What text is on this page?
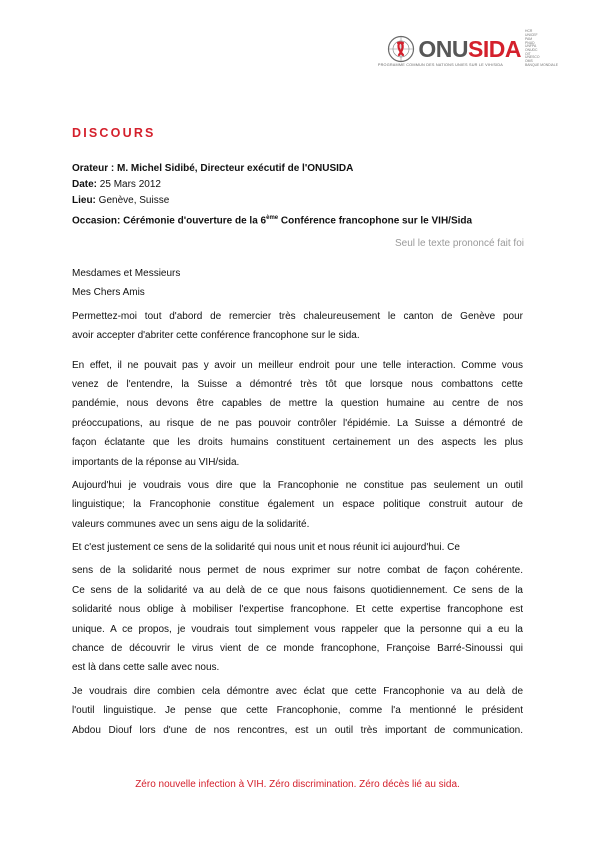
ONUSIDA
HCR
UNICEF
PAM
PNUD
UNFPA
ONUDC
OIT
UNESCO
OMS
BANQUE MONDIALE
PROGRAMME COMMUN DES NATIONS UNIES SUR LE VIH/SIDA
DISCOURS
Orateur : M. Michel Sidibé, Directeur exécutif de l'ONUSIDA
Date: 25 Mars 2012
Lieu: Genève, Suisse
Occasion: Cérémonie d'ouverture de la 6ème Conférence francophone sur le VIH/Sida
Seul le texte prononcé fait foi
Mesdames et Messieurs
Mes Chers Amis
Permettez-moi tout d'abord de remercier très chaleureusement le canton de Genève pour
avoir accepter d'abriter cette conférence francophone sur le sida.
En effet, il ne pouvait pas y avoir un meilleur endroit pour une telle interaction. Comme vous
venez de l'entendre, la Suisse a démontré très tôt que lorsque nous combattons cette
pandémie, nous devons être capables de mettre la question humaine au centre de nos
préoccupations, au risque de ne pas pouvoir contrôler l'épidémie. La Suisse a démontré de
façon éclatante que les droits humains constituent certainement un des aspects les plus
importants de la réponse au VIH/sida.
Aujourd'hui je voudrais vous dire que la Francophonie ne constitue pas seulement un outil
linguistique; la Francophonie constitue également un espace politique construit autour de
valeurs communes avec un sens aigu de la solidarité.
Et c'est justement ce sens de la solidarité qui nous unit et nous réunit ici aujourd'hui. Ce
sens de la solidarité nous permet de nous exprimer sur notre combat de façon cohérente.
Ce sens de la solidarité va au delà de ce que nous faisons quotidiennement. Ce sens de la
solidarité nous oblige à mobiliser l'expertise francophone. Et cette expertise francophone est
unique. A ce propos, je voudrais tout simplement vous rappeler que la personne qui a eu la
chance de découvrir le virus vient de ce monde francophone, Françoise Barré-Sinoussi qui
est là dans cette salle avec nous.
Je voudrais dire combien cela démontre avec éclat que cette Francophonie va au delà de
l'outil linguistique. Je pense que cette Francophonie, comme l'a mentionné le président
Abdou Diouf lors d'une de nos rencontres, est un outil très important de communication.
Zéro nouvelle infection à VIH. Zéro discrimination. Zéro décès lié au sida.
